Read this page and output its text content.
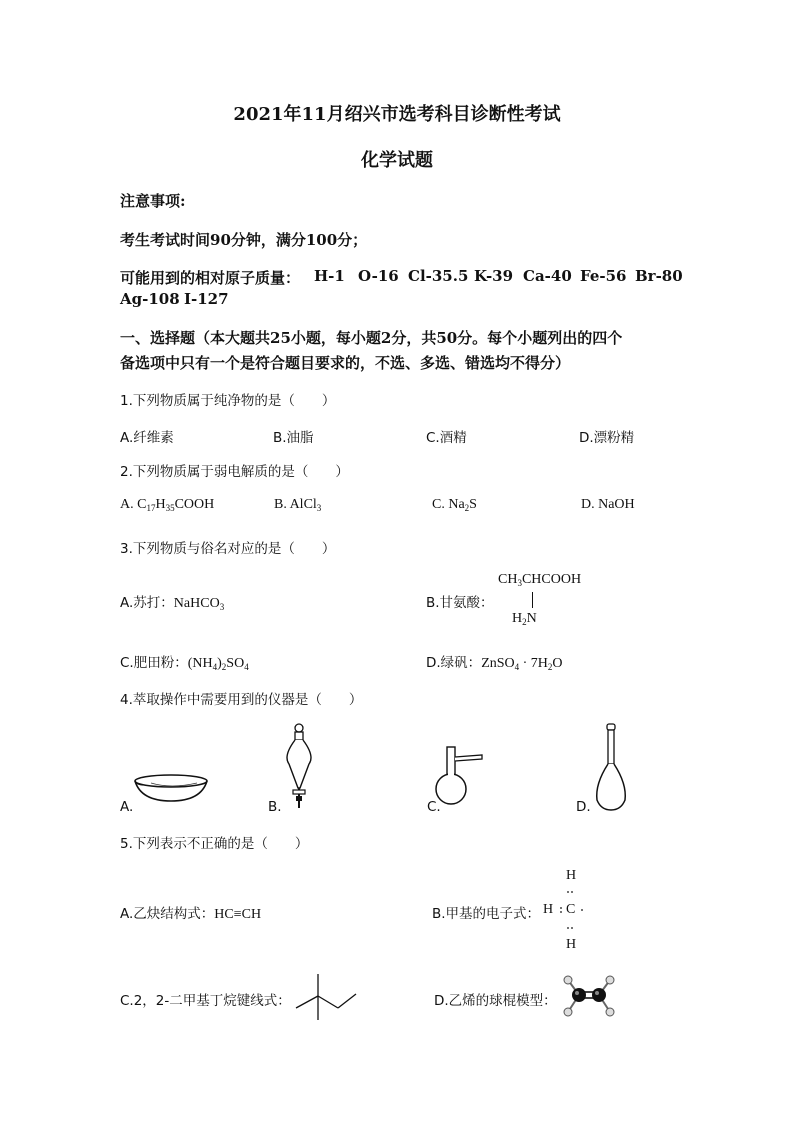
2021年11月绍兴市选考科目诊断性考试
化学试题
注意事项:
考生考试时间90分钟，满分100分；
可能用到的相对原子质量： H-1 O-16 Cl-35.5 K-39 Ca-40 Fe-56 Br-80
Ag-108 I-127
一、选择题（本大题共25小题，每小题2分，共50分。每个小题列出的四个
备选项中只有一个是符合题目要求的，不选、多选、错选均不得分）
1.下列物质属于纯净物的是（　　）
A.纤维素	B.油脂	C.酒精	D.漂粉精
2.下列物质属于弱电解质的是（　　）
A. $C_{17}H_{35}COOH$	B. AlCl$_3$	C. $Na_2S$	D. NaOH
3.下列物质与俗名对应的是（　　）
A.苏打：NaHCO$_3$	B.甘氨酸：
$CH_3CHCOOH$
$H_2N$
C.肥田粉：$(NH_4)_2SO_4$	D.绿矾：ZnSO$_4$ · $7H_2O$
4.萃取操作中需要用到的仪器是（　　）
A.	B.	C.	D.
5.下列表示不正确的是（　　）
A.乙炔结构式：HC≡CH	B.甲基的电子式：
H
H C
H
C.2，2-二甲基丁烷键线式：	D.乙烯的球棍模型：
